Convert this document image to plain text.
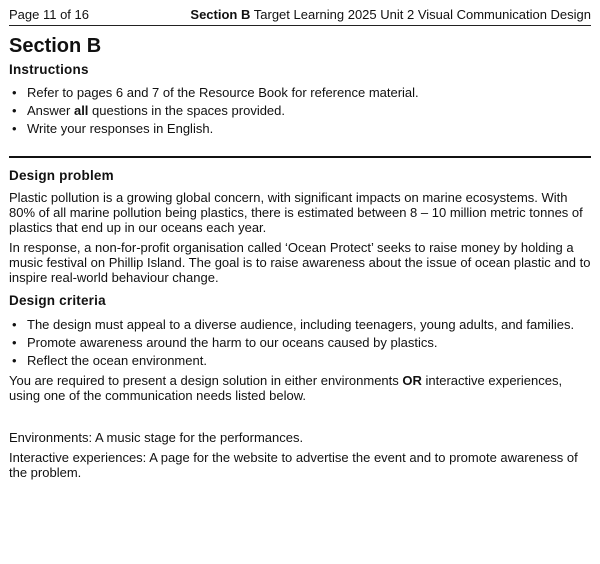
Page 11 of 16	Section B Target Learning 2025 Unit 2 Visual Communication Design
Section B
Instructions
• Refer to pages 6 and 7 of the Resource Book for reference material.
• Answer all questions in the spaces provided.
• Write your responses in English.
Design problem

Plastic pollution is a growing global concern, with significant impacts on marine ecosystems. With 80% of all marine pollution being plastics, there is estimated between 8 – 10 million metric tonnes of plastics that end up in our oceans each year.

In response, a non-for-profit organisation called ‘Ocean Protect’ seeks to raise money by holding a music festival on Phillip Island. The goal is to raise awareness about the issue of ocean plastic and to inspire real-world behaviour change.

Design criteria
• The design must appeal to a diverse audience, including teenagers, young adults, and families.
• Promote awareness around the harm to our oceans caused by plastics.
• Reflect the ocean environment.

You are required to present a design solution in either environments OR interactive experiences, using one of the communication needs listed below.

Environments: A music stage for the performances.

Interactive experiences: A page for the website to advertise the event and to promote awareness of the problem.
